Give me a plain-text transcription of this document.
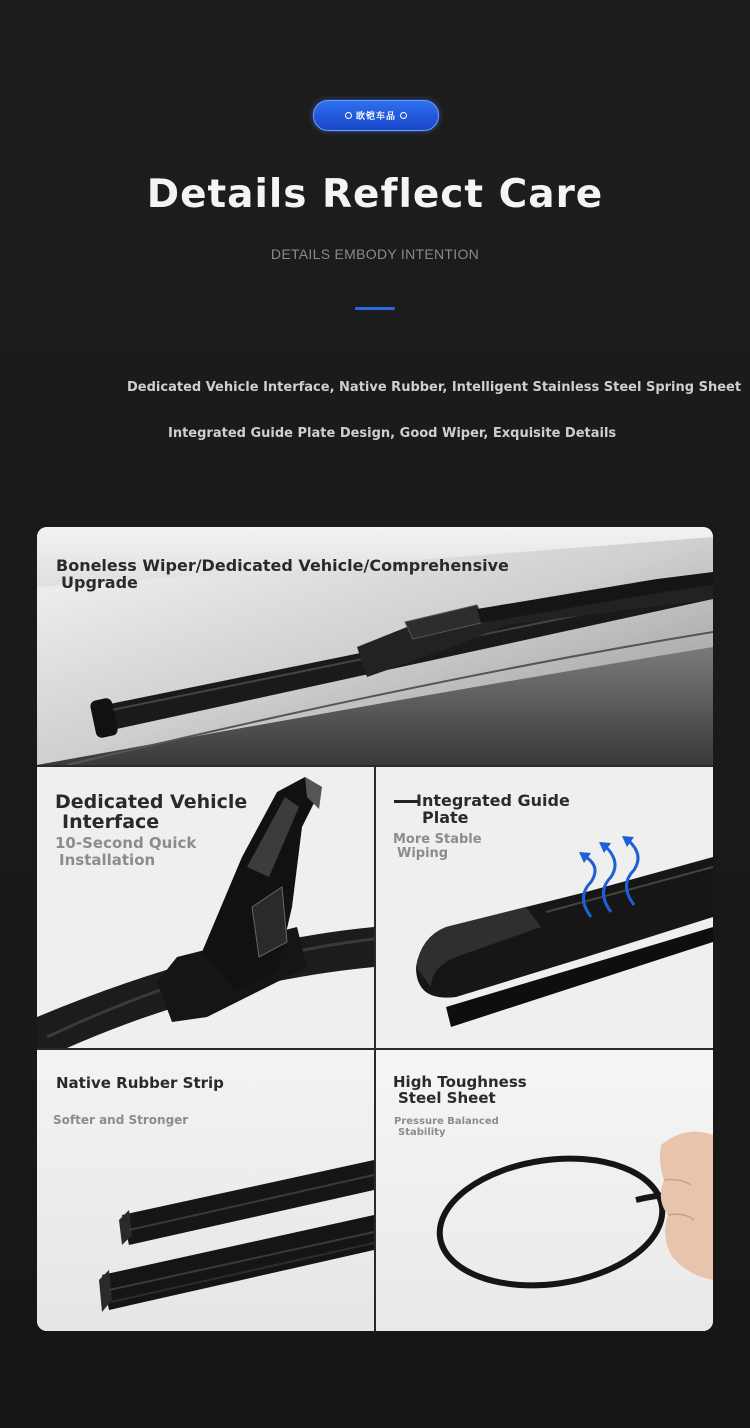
欧铠车品
Details Reflect Care
DETAILS EMBODY INTENTION
Dedicated Vehicle Interface, Native Rubber, Intelligent Stainless Steel Spring Sheet
Integrated Guide Plate Design, Good Wiper, Exquisite Details
Boneless Wiper/Dedicated Vehicle/Comprehensive
Upgrade
Dedicated Vehicle
Interface
10-Second Quick
Installation
Integrated Guide
Plate
More Stable
Wiping
Native Rubber Strip
Softer and Stronger
High Toughness
Steel Sheet
Pressure Balanced
Stability
